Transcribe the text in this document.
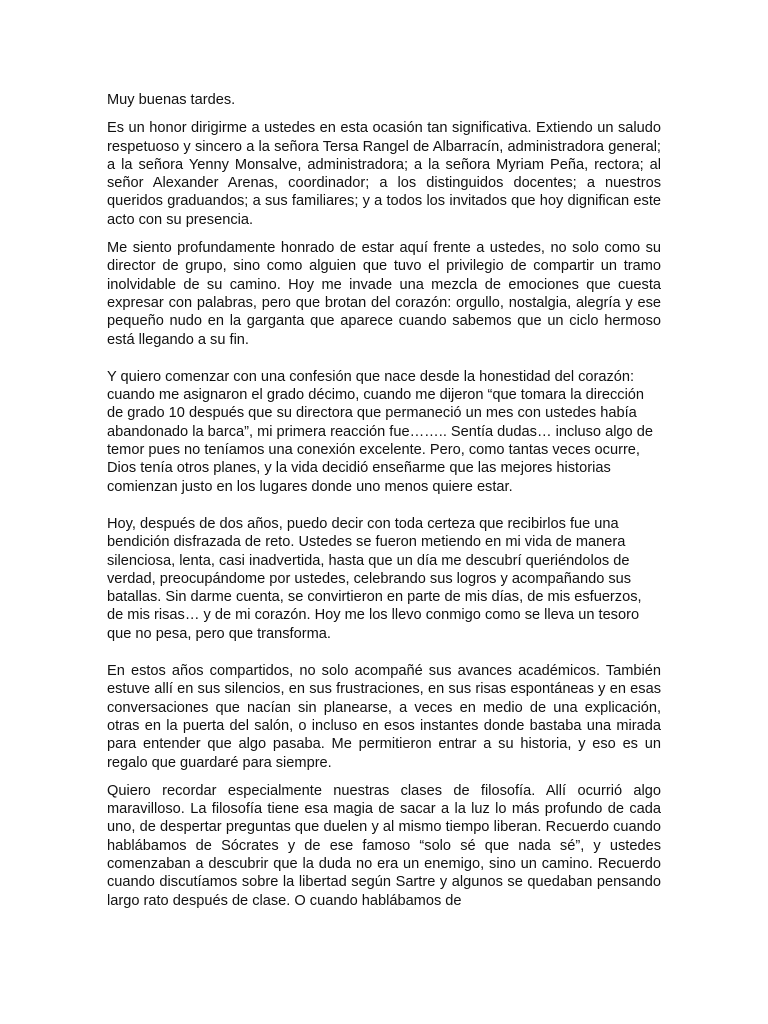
Muy buenas tardes.

Es un honor dirigirme a ustedes en esta ocasión tan significativa. Extiendo un saludo respetuoso y sincero a la señora Tersa Rangel de Albarracín, administradora general; a la señora Yenny Monsalve, administradora; a la señora Myriam Peña, rectora; al señor Alexander Arenas, coordinador; a los distinguidos docentes; a nuestros queridos graduandos; a sus familiares; y a todos los invitados que hoy dignifican este acto con su presencia.

Me siento profundamente honrado de estar aquí frente a ustedes, no solo como su director de grupo, sino como alguien que tuvo el privilegio de compartir un tramo inolvidable de su camino. Hoy me invade una mezcla de emociones que cuesta expresar con palabras, pero que brotan del corazón: orgullo, nostalgia, alegría y ese pequeño nudo en la garganta que aparece cuando sabemos que un ciclo hermoso está llegando a su fin.

Y quiero comenzar con una confesión que nace desde la honestidad del corazón: cuando me asignaron el grado décimo, cuando me dijeron “que tomara la dirección de grado 10 después que su directora que permaneció un mes con ustedes había abandonado la barca”, mi primera reacción fue…….. Sentía dudas… incluso algo de temor pues no teníamos una conexión excelente. Pero, como tantas veces ocurre, Dios tenía otros planes, y la vida decidió enseñarme que las mejores historias comienzan justo en los lugares donde uno menos quiere estar.

Hoy, después de dos años, puedo decir con toda certeza que recibirlos fue una bendición disfrazada de reto. Ustedes se fueron metiendo en mi vida de manera silenciosa, lenta, casi inadvertida, hasta que un día me descubrí queriéndolos de verdad, preocupándome por ustedes, celebrando sus logros y acompañando sus batallas. Sin darme cuenta, se convirtieron en parte de mis días, de mis esfuerzos, de mis risas… y de mi corazón. Hoy me los llevo conmigo como se lleva un tesoro que no pesa, pero que transforma.

En estos años compartidos, no solo acompañé sus avances académicos. También estuve allí en sus silencios, en sus frustraciones, en sus risas espontáneas y en esas conversaciones que nacían sin planearse, a veces en medio de una explicación, otras en la puerta del salón, o incluso en esos instantes donde bastaba una mirada para entender que algo pasaba. Me permitieron entrar a su historia, y eso es un regalo que guardaré para siempre.

Quiero recordar especialmente nuestras clases de filosofía. Allí ocurrió algo maravilloso. La filosofía tiene esa magia de sacar a la luz lo más profundo de cada uno, de despertar preguntas que duelen y al mismo tiempo liberan. Recuerdo cuando hablábamos de Sócrates y de ese famoso “solo sé que nada sé”, y ustedes comenzaban a descubrir que la duda no era un enemigo, sino un camino. Recuerdo cuando discutíamos sobre la libertad según Sartre y algunos se quedaban pensando largo rato después de clase. O cuando hablábamos de
